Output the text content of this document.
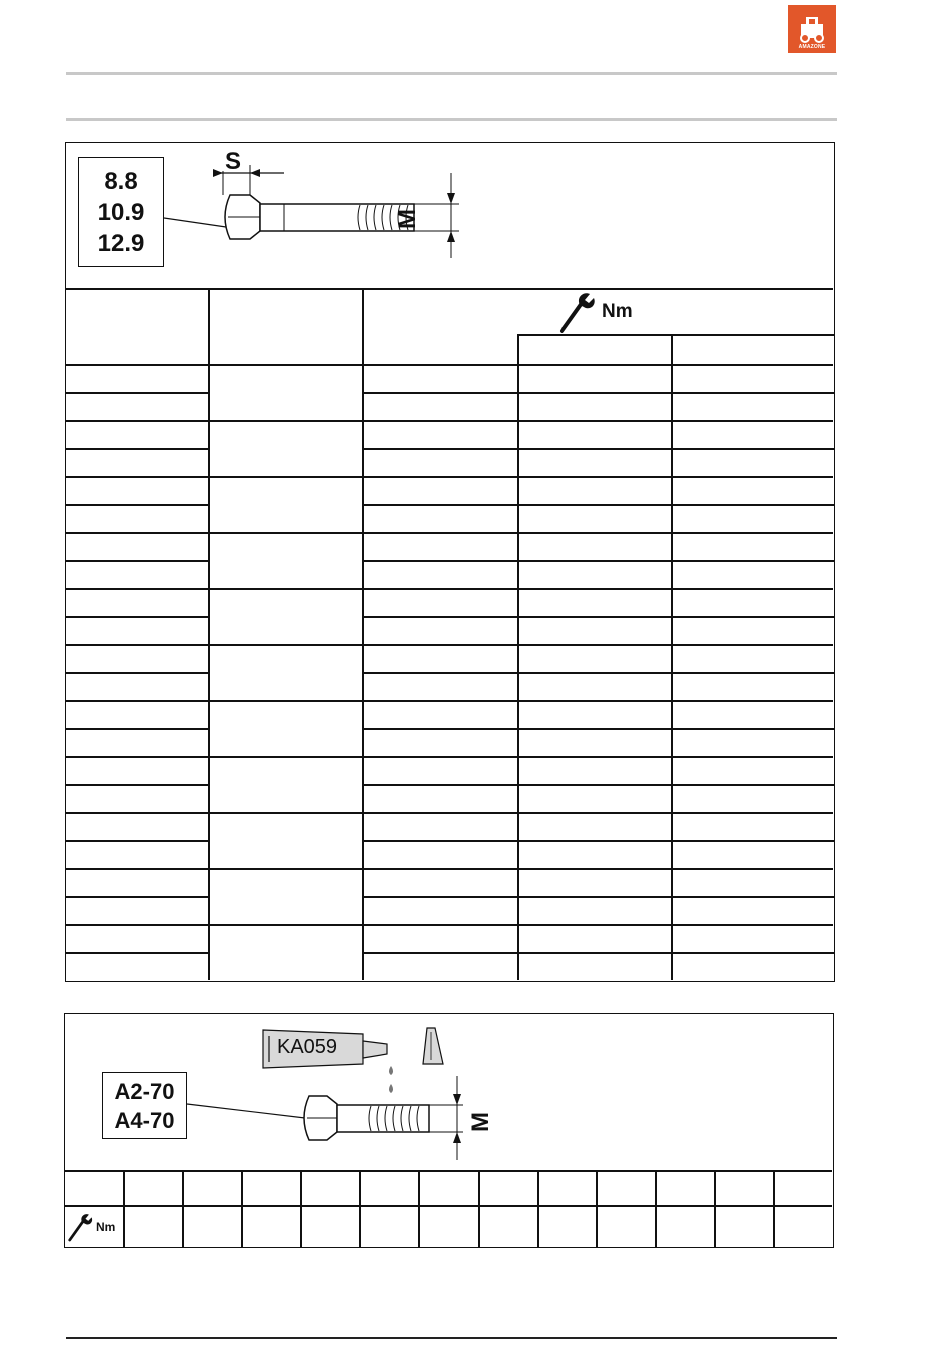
AMAZONE
8.8
10.9
12.9
S
M
Nm
KA059
M
A2-70
A4-70
Nm
